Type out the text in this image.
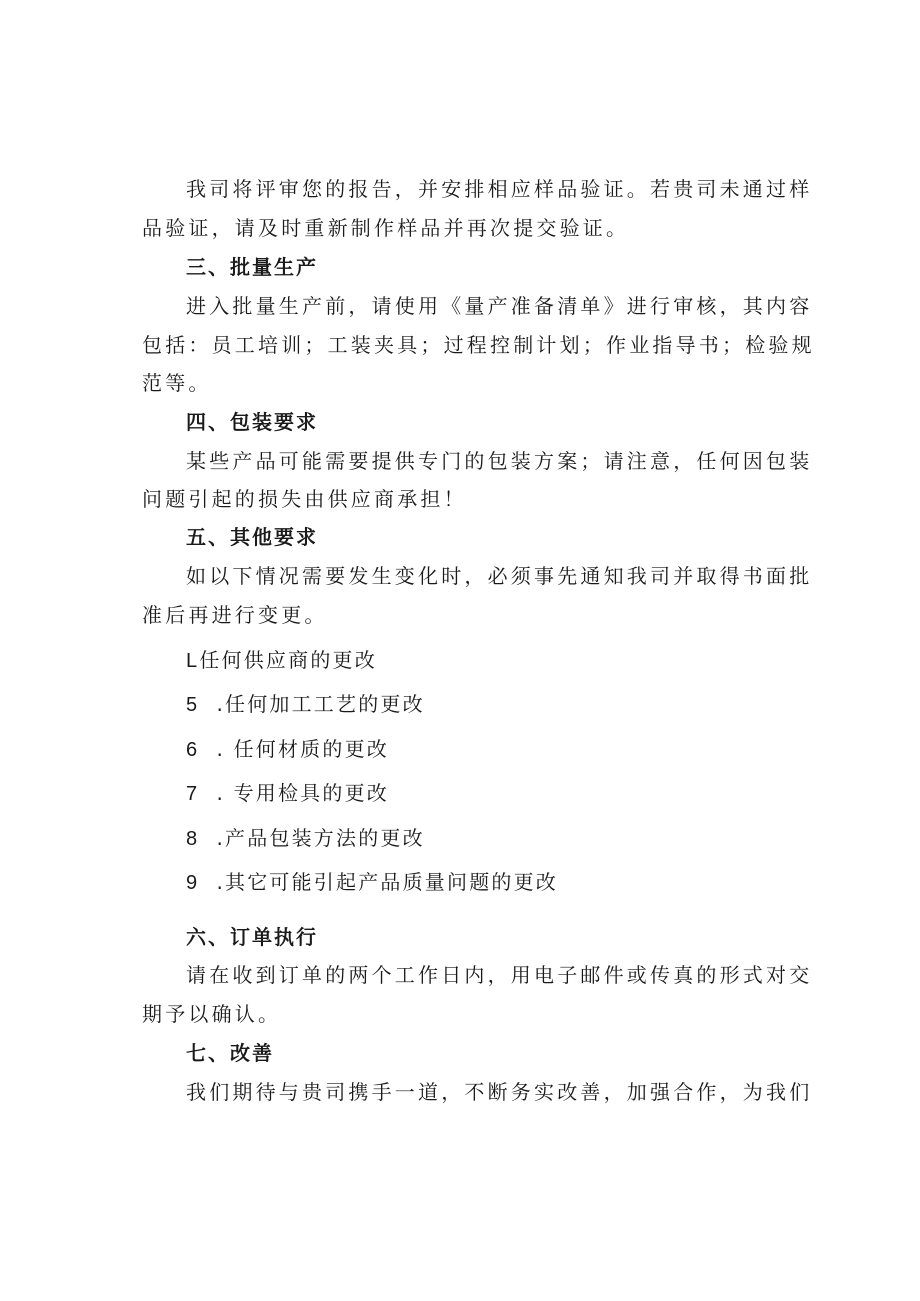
我司将评审您的报告，并安排相应样品验证。若贵司未通过样
品验证，请及时重新制作样品并再次提交验证。
三、批量生产
进入批量生产前，请使用《量产准备清单》进行审核，其内容
包括：员工培训；工装夹具；过程控制计划；作业指导书；检验规
范等。
四、包装要求
某些产品可能需要提供专门的包装方案；请注意，任何因包装
问题引起的损失由供应商承担！
五、其他要求
如以下情况需要发生变化时，必须事先通知我司并取得书面批
准后再进行变更。
L任何供应商的更改
5 .任何加工工艺的更改
6 . 任何材质的更改
7 . 专用检具的更改
8 .产品包装方法的更改
9 .其它可能引起产品质量问题的更改
六、订单执行
请在收到订单的两个工作日内，用电子邮件或传真的形式对交
期予以确认。
七、改善
我们期待与贵司携手一道，不断务实改善，加强合作，为我们
